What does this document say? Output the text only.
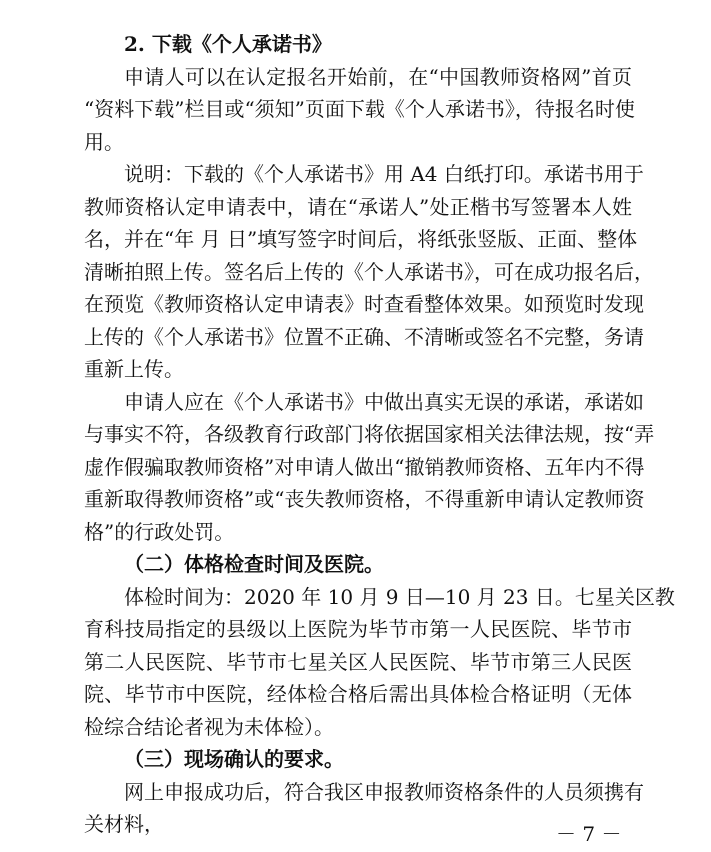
2. 下载《个人承诺书》
申请人可以在认定报名开始前，在“中国教师资格网”首页
“资料下载”栏目或“须知”页面下载《个人承诺书》，待报名时使
用。
说明：下载的《个人承诺书》用 A4 白纸打印。承诺书用于
教师资格认定申请表中，请在“承诺人”处正楷书写签署本人姓
名，并在“年 月 日”填写签字时间后，将纸张竖版、正面、整体
清晰拍照上传。签名后上传的《个人承诺书》，可在成功报名后，
在预览《教师资格认定申请表》时查看整体效果。如预览时发现
上传的《个人承诺书》位置不正确、不清晰或签名不完整，务请
重新上传。
申请人应在《个人承诺书》中做出真实无误的承诺，承诺如
与事实不符，各级教育行政部门将依据国家相关法律法规，按“弄
虚作假骗取教师资格”对申请人做出“撤销教师资格、五年内不得
重新取得教师资格”或“丧失教师资格，不得重新申请认定教师资
格”的行政处罚。
（二）体格检查时间及医院。
体检时间为：2020 年 10 月 9 日—10 月 23 日。七星关区教
育科技局指定的县级以上医院为毕节市第一人民医院、毕节市
第二人民医院、毕节市七星关区人民医院、毕节市第三人民医
院、毕节市中医院，经体检合格后需出具体检合格证明（无体
检综合结论者视为未体检）。
（三）现场确认的要求。
网上申报成功后，符合我区申报教师资格条件的人员须携有
关材料，	－ 7 －
